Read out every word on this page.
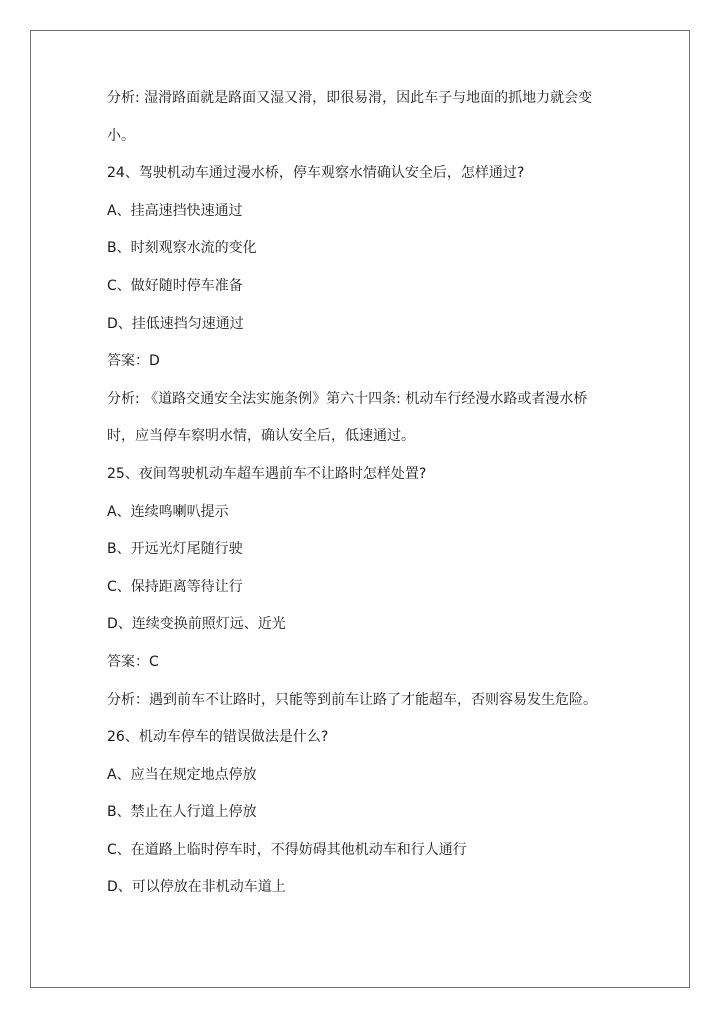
分析: 湿滑路面就是路面又湿又滑，即很易滑，因此车子与地面的抓地力就会变
小。
24、驾驶机动车通过漫水桥，停车观察水情确认安全后，怎样通过?
A、挂高速挡快速通过
B、时刻观察水流的变化
C、做好随时停车准备
D、挂低速挡匀速通过
答案：D
分析: 《道路交通安全法实施条例》第六十四条: 机动车行经漫水路或者漫水桥
时，应当停车察明水情，确认安全后，低速通过。
25、夜间驾驶机动车超车遇前车不让路时怎样处置?
A、连续鸣喇叭提示
B、开远光灯尾随行驶
C、保持距离等待让行
D、连续变换前照灯远、近光
答案：C
分析：遇到前车不让路时，只能等到前车让路了才能超车，否则容易发生危险。
26、机动车停车的错误做法是什么?
A、应当在规定地点停放
B、禁止在人行道上停放
C、在道路上临时停车时，不得妨碍其他机动车和行人通行
D、可以停放在非机动车道上
